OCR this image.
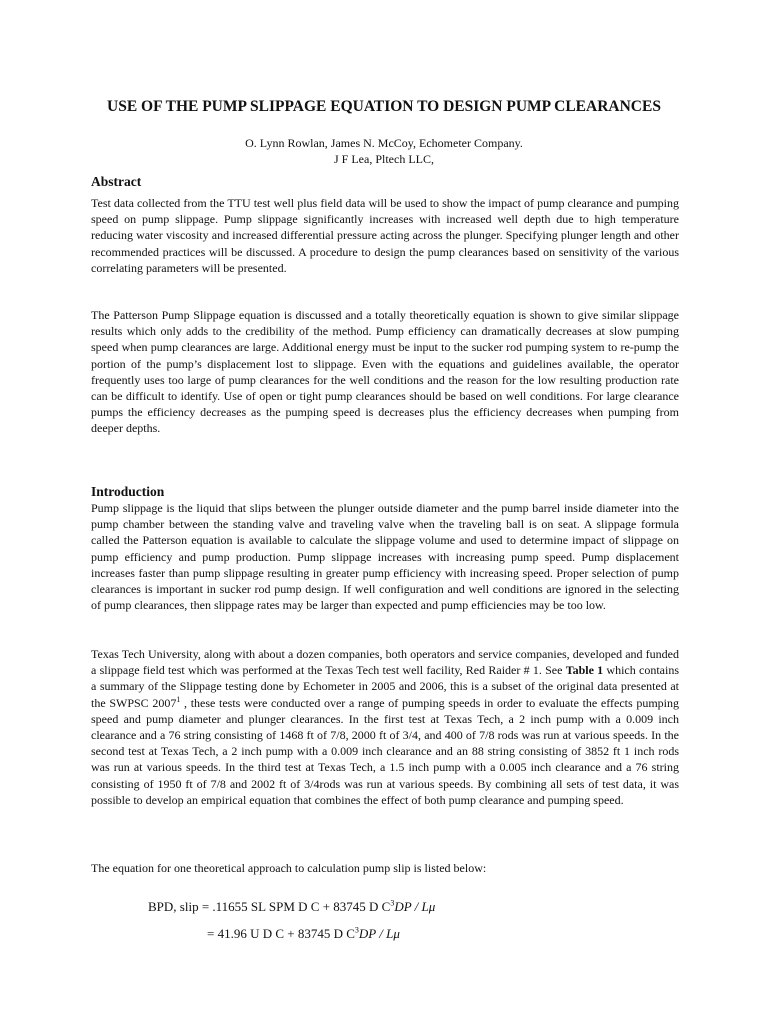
USE OF THE PUMP SLIPPAGE EQUATION TO DESIGN PUMP CLEARANCES
O. Lynn Rowlan, James N. McCoy, Echometer Company.
J F Lea, Pltech LLC,
Abstract
Test data collected from the TTU test well plus field data will be used to show the impact of pump clearance and pumping speed on pump slippage. Pump slippage significantly increases with increased well depth due to high temperature reducing water viscosity and increased differential pressure acting across the plunger. Specifying plunger length and other recommended practices will be discussed. A procedure to design the pump clearances based on sensitivity of the various correlating parameters will be presented.
The Patterson Pump Slippage equation is discussed and a totally theoretically equation is shown to give similar slippage results which only adds to the credibility of the method. Pump efficiency can dramatically decreases at slow pumping speed when pump clearances are large. Additional energy must be input to the sucker rod pumping system to re-pump the portion of the pump’s displacement lost to slippage. Even with the equations and guidelines available, the operator frequently uses too large of pump clearances for the well conditions and the reason for the low resulting production rate can be difficult to identify. Use of open or tight pump clearances should be based on well conditions. For large clearance pumps the efficiency decreases as the pumping speed is decreases plus the efficiency decreases when pumping from deeper depths.
Introduction
Pump slippage is the liquid that slips between the plunger outside diameter and the pump barrel inside diameter into the pump chamber between the standing valve and traveling valve when the traveling ball is on seat. A slippage formula called the Patterson equation is available to calculate the slippage volume and used to determine impact of slippage on pump efficiency and pump production. Pump slippage increases with increasing pump speed. Pump displacement increases faster than pump slippage resulting in greater pump efficiency with increasing speed. Proper selection of pump clearances is important in sucker rod pump design. If well configuration and well conditions are ignored in the selecting of pump clearances, then slippage rates may be larger than expected and pump efficiencies may be too low.
Texas Tech University, along with about a dozen companies, both operators and service companies, developed and funded a slippage field test which was performed at the Texas Tech test well facility, Red Raider # 1. See Table 1 which contains a summary of the Slippage testing done by Echometer in 2005 and 2006, this is a subset of the original data presented at the SWPSC 2007$^1$ , these tests were conducted over a range of pumping speeds in order to evaluate the effects pumping speed and pump diameter and plunger clearances. In the first test at Texas Tech, a 2 inch pump with a 0.009 inch clearance and a 76 string consisting of 1468 ft of 7/8, 2000 ft of 3/4, and 400 of 7/8 rods was run at various speeds. In the second test at Texas Tech, a 2 inch pump with a 0.009 inch clearance and an 88 string consisting of 3852 ft 1 inch rods was run at various speeds. In the third test at Texas Tech, a 1.5 inch pump with a 0.005 inch clearance and a 76 string consisting of 1950 ft of 7/8 and 2002 ft of 3/4rods was run at various speeds. By combining all sets of test data, it was possible to develop an empirical equation that combines the effect of both pump clearance and pumping speed.
The equation for one theoretical approach to calculation pump slip is listed below:
BPD, slip = .11655 SL SPM D C + 83745 D $C^3DP$ / Lμ
= 41.96 U D C + 83745 D $C^3DP$ / Lμ
